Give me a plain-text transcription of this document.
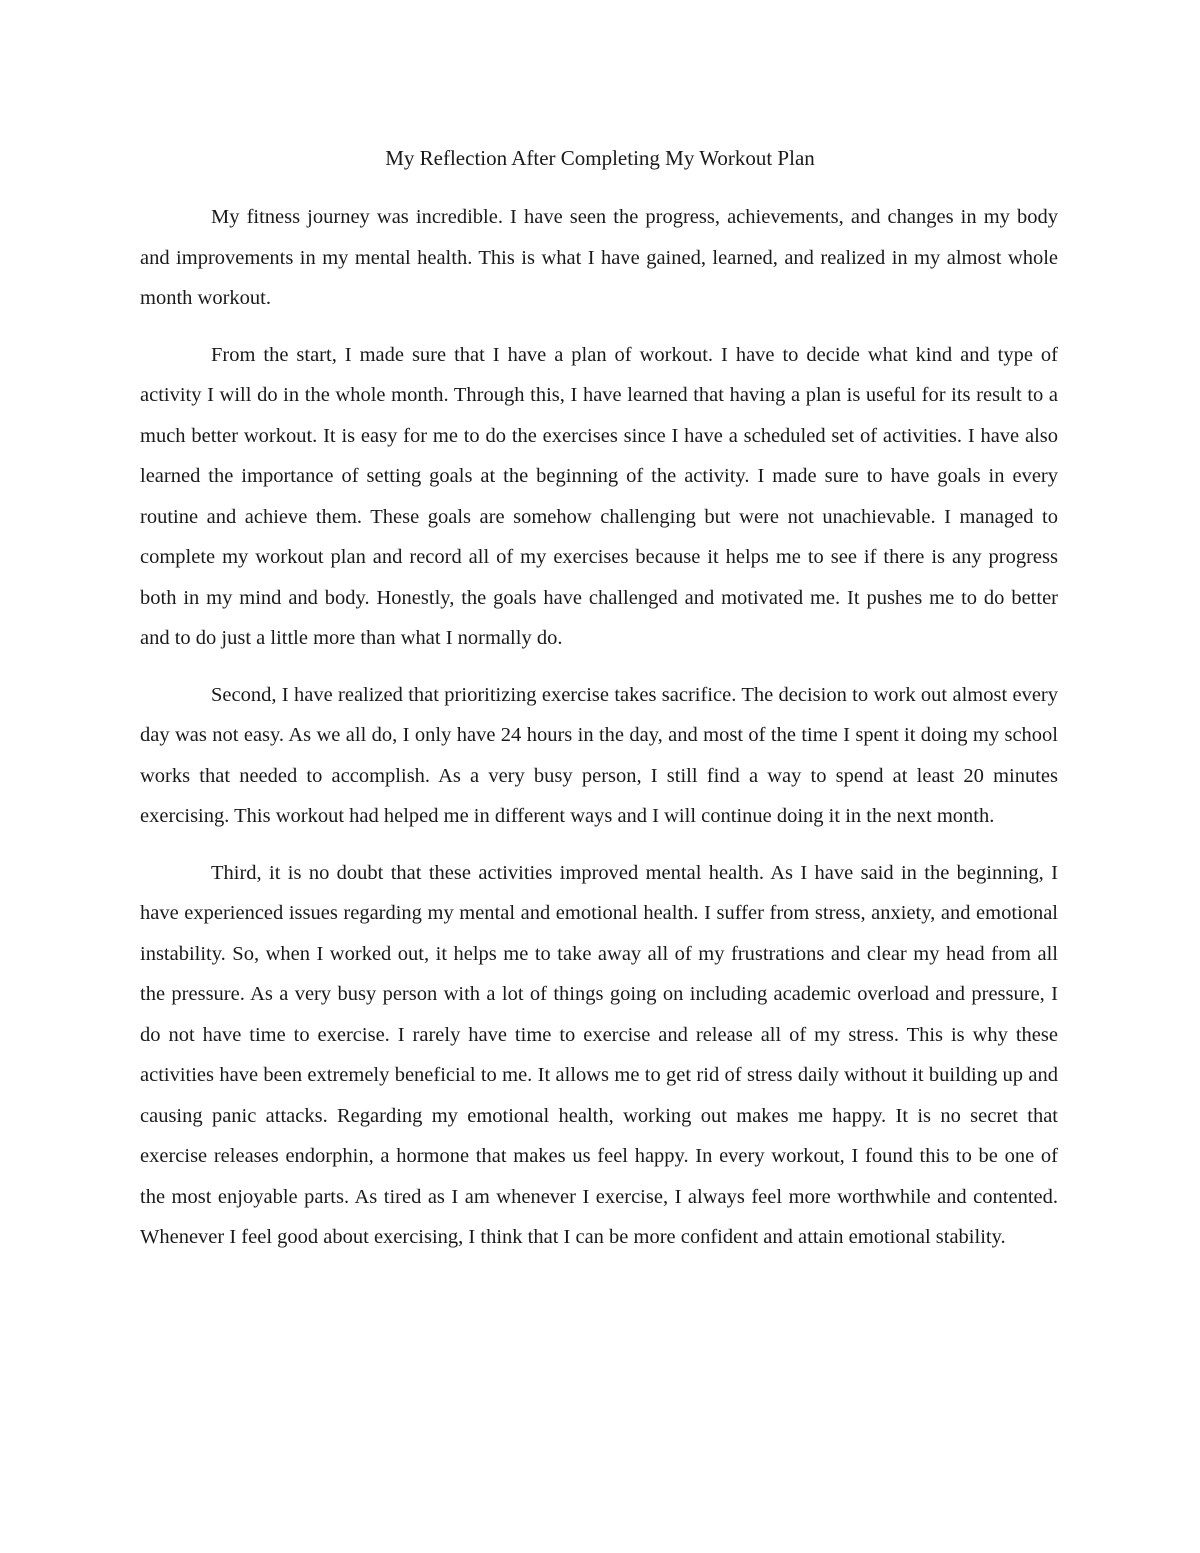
My Reflection After Completing My Workout Plan

My fitness journey was incredible. I have seen the progress, achievements, and changes in my body and improvements in my mental health. This is what I have gained, learned, and realized in my almost whole month workout.

From the start, I made sure that I have a plan of workout. I have to decide what kind and type of activity I will do in the whole month. Through this, I have learned that having a plan is useful for its result to a much better workout. It is easy for me to do the exercises since I have a scheduled set of activities. I have also learned the importance of setting goals at the beginning of the activity. I made sure to have goals in every routine and achieve them. These goals are somehow challenging but were not unachievable. I managed to complete my workout plan and record all of my exercises because it helps me to see if there is any progress both in my mind and body. Honestly, the goals have challenged and motivated me. It pushes me to do better and to do just a little more than what I normally do.

Second, I have realized that prioritizing exercise takes sacrifice. The decision to work out almost every day was not easy. As we all do, I only have 24 hours in the day, and most of the time I spent it doing my school works that needed to accomplish. As a very busy person, I still find a way to spend at least 20 minutes exercising. This workout had helped me in different ways and I will continue doing it in the next month.

Third, it is no doubt that these activities improved mental health. As I have said in the beginning, I have experienced issues regarding my mental and emotional health. I suffer from stress, anxiety, and emotional instability. So, when I worked out, it helps me to take away all of my frustrations and clear my head from all the pressure. As a very busy person with a lot of things going on including academic overload and pressure, I do not have time to exercise. I rarely have time to exercise and release all of my stress. This is why these activities have been extremely beneficial to me. It allows me to get rid of stress daily without it building up and causing panic attacks. Regarding my emotional health, working out makes me happy. It is no secret that exercise releases endorphin, a hormone that makes us feel happy. In every workout, I found this to be one of the most enjoyable parts. As tired as I am whenever I exercise, I always feel more worthwhile and contented. Whenever I feel good about exercising, I think that I can be more confident and attain emotional stability.
